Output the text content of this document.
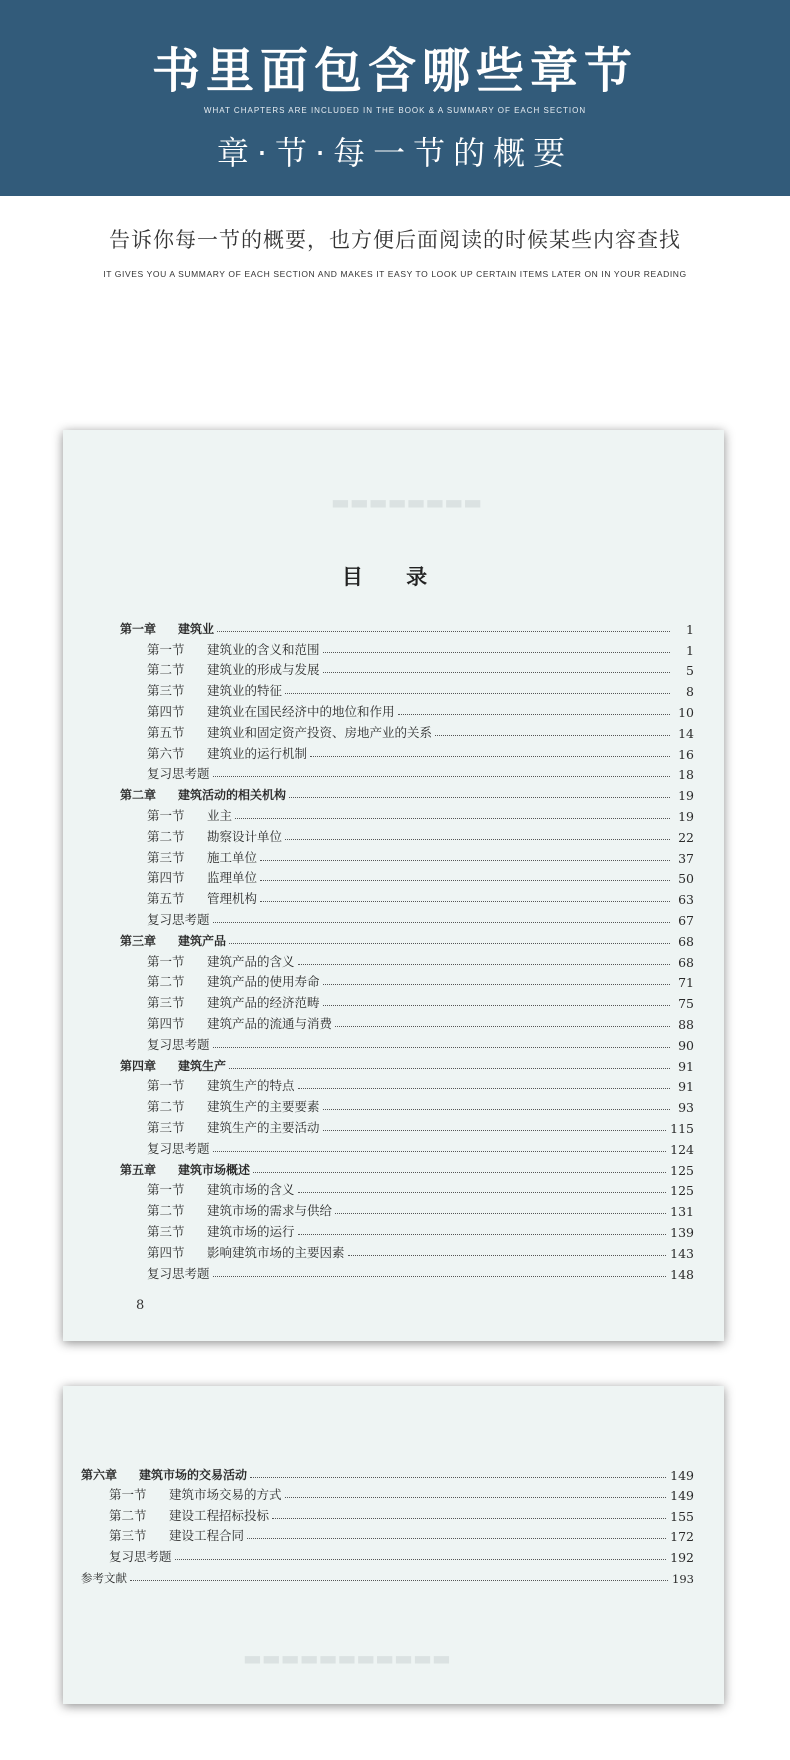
书里面包含哪些章节
WHAT CHAPTERS ARE INCLUDED IN THE BOOK & A SUMMARY OF EACH SECTION
章·节·每一节的概要
告诉你每一节的概要，也方便后面阅读的时候某些内容查找
IT GIVES YOU A SUMMARY OF EACH SECTION AND MAKES IT EASY TO LOOK UP CERTAIN ITEMS LATER ON IN YOUR READING
▬▬▬▬▬▬▬▬
目 录
第一章 建筑业	1
第一节 建筑业的含义和范围	1
第二节 建筑业的形成与发展	5
第三节 建筑业的特征	8
第四节 建筑业在国民经济中的地位和作用	10
第五节 建筑业和固定资产投资、房地产业的关系	14
第六节 建筑业的运行机制	16
复习思考题	18
第二章 建筑活动的相关机构	19
第一节 业主	19
第二节 勘察设计单位	22
第三节 施工单位	37
第四节 监理单位	50
第五节 管理机构	63
复习思考题	67
第三章 建筑产品	68
第一节 建筑产品的含义	68
第二节 建筑产品的使用寿命	71
第三节 建筑产品的经济范畴	75
第四节 建筑产品的流通与消费	88
复习思考题	90
第四章 建筑生产	91
第一节 建筑生产的特点	91
第二节 建筑生产的主要要素	93
第三节 建筑生产的主要活动	115
复习思考题	124
第五章 建筑市场概述	125
第一节 建筑市场的含义	125
第二节 建筑市场的需求与供给	131
第三节 建筑市场的运行	139
第四节 影响建筑市场的主要因素	143
复习思考题	148
8
第六章 建筑市场的交易活动	149
第一节 建筑市场交易的方式	149
第二节 建设工程招标投标	155
第三节 建设工程合同	172
复习思考题	192
参考文献	193
▬▬▬▬▬▬▬▬▬▬▬
